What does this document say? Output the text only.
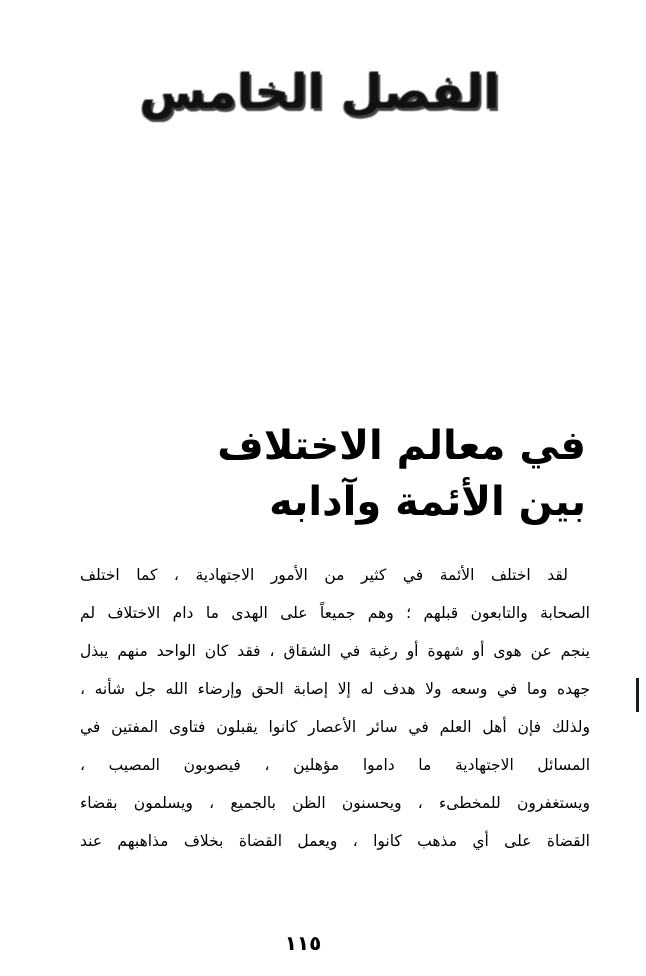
الفصل الخامس
في معالم الاختلاف
بين الأئمة وآدابه
لقد اختلف الأئمة في كثير من الأمور الاجتهادية ، كما اختلف
الصحابة والتابعون قبلهم ؛ وهم جميعاً على الهدى ما دام الاختلاف لم
ينجم عن هوى أو شهوة أو رغبة في الشقاق ، فقد كان الواحد منهم يبذل
جهده وما في وسعه ولا هدف له إلا إصابة الحق وإرضاء الله جل شأنه ،
ولذلك فإن أهل العلم في سائر الأعصار كانوا يقبلون فتاوى المفتين في
المسائل الاجتهادية ما داموا مؤهلين ، فيصوبون المصيب ،
ويستغفرون للمخطىء ، ويحسنون الظن بالجميع ، ويسلمون بقضاء
القضاة على أي مذهب كانوا ، ويعمل القضاة بخلاف مذاهبهم عند
١١٥
